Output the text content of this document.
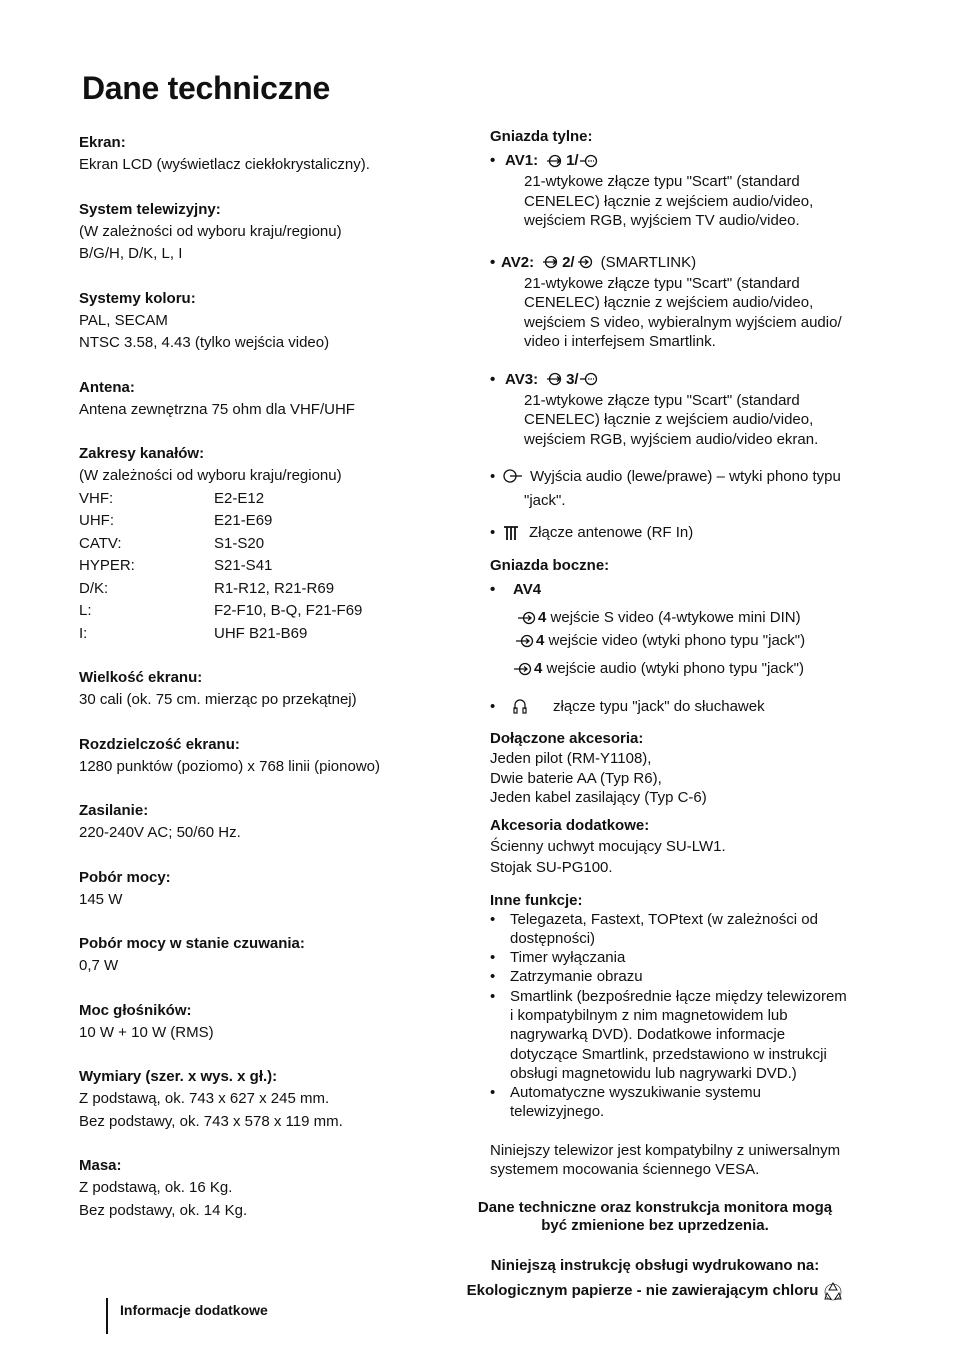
Dane techniczne
Ekran:
Ekran LCD (wyświetlacz ciekłokrystaliczny).
System telewizyjny:
(W zależności od wyboru kraju/regionu)
B/G/H, D/K, L, I
Systemy koloru:
PAL, SECAM
NTSC 3.58, 4.43 (tylko wejścia video)
Antena:
Antena zewnętrzna 75 ohm dla VHF/UHF
Zakresy kanałów:
(W zależności od wyboru kraju/regionu)
VHF:	E2-E12
UHF:	E21-E69
CATV:	S1-S20
HYPER:	S21-S41
D/K:	R1-R12, R21-R69
L:	F2-F10, B-Q, F21-F69
I:	UHF B21-B69
Wielkość ekranu:
30 cali (ok. 75 cm. mierząc po przekątnej)
Rozdzielczość ekranu:
1280 punktów (poziomo) x 768 linii (pionowo)
Zasilanie:
220-240V AC; 50/60 Hz.
Pobór mocy:
145 W
Pobór mocy w stanie czuwania:
0,7 W
Moc głośników:
10 W + 10 W (RMS)
Wymiary (szer. x wys. x gł.):
Z podstawą, ok. 743 x 627 x 245 mm.
Bez podstawy, ok. 743 x 578 x 119 mm.
Masa:
Z podstawą, ok. 16 Kg.
Bez podstawy, ok. 14 Kg.
Gniazda tylne:
• AV1: 1/
21-wtykowe złącze typu "Scart" (standard
CENELEC) łącznie z wejściem audio/video,
wejściem RGB, wyjściem TV audio/video.
• AV2: 2/ (SMARTLINK)
21-wtykowe złącze typu "Scart" (standard
CENELEC) łącznie z wejściem audio/video,
wejściem S video, wybieralnym wyjściem audio/
video i interfejsem Smartlink.
• AV3: 3/
21-wtykowe złącze typu "Scart" (standard
CENELEC) łącznie z wejściem audio/video,
wejściem RGB, wyjściem audio/video ekran.
•	Wyjścia audio (lewe/prawe) – wtyki phono typu
"jack".
•	Złącze antenowe (RF In)
Gniazda boczne:
•	AV4
4
wejście S video (4-wtykowe mini DIN)
4
wejście video (wtyki phono typu "jack")
4
wejście audio (wtyki phono typu "jack")
•	złącze typu "jack" do słuchawek
Dołączone akcesoria:
Jeden pilot (RM-Y1108),
Dwie baterie AA (Typ R6),
Jeden kabel zasilający (Typ C-6)
Akcesoria dodatkowe:
Ścienny uchwyt mocujący SU-LW1.
Stojak SU-PG100.
Inne funkcje:
• Telegazeta, Fastext, TOPtext (w zależności od
dostępności)
• Timer wyłączania
• Zatrzymanie obrazu
• Smartlink (bezpośrednie łącze między telewizorem
i kompatybilnym z nim magnetowidem lub
nagrywarką DVD). Dodatkowe informacje
dotyczące Smartlink, przedstawiono w instrukcji
obsługi magnetowidu lub nagrywarki DVD.)
• Automatyczne wyszukiwanie systemu
telewizyjnego.
Niniejszy telewizor jest kompatybilny z uniwersalnym
systemem mocowania ściennego VESA.
Dane techniczne oraz konstrukcja monitora mogą
być zmienione bez uprzedzenia.
Niniejszą instrukcję obsługi wydrukowano na:
Ekologicznym papierze - nie zawierającym chloru
Informacje dodatkowe
